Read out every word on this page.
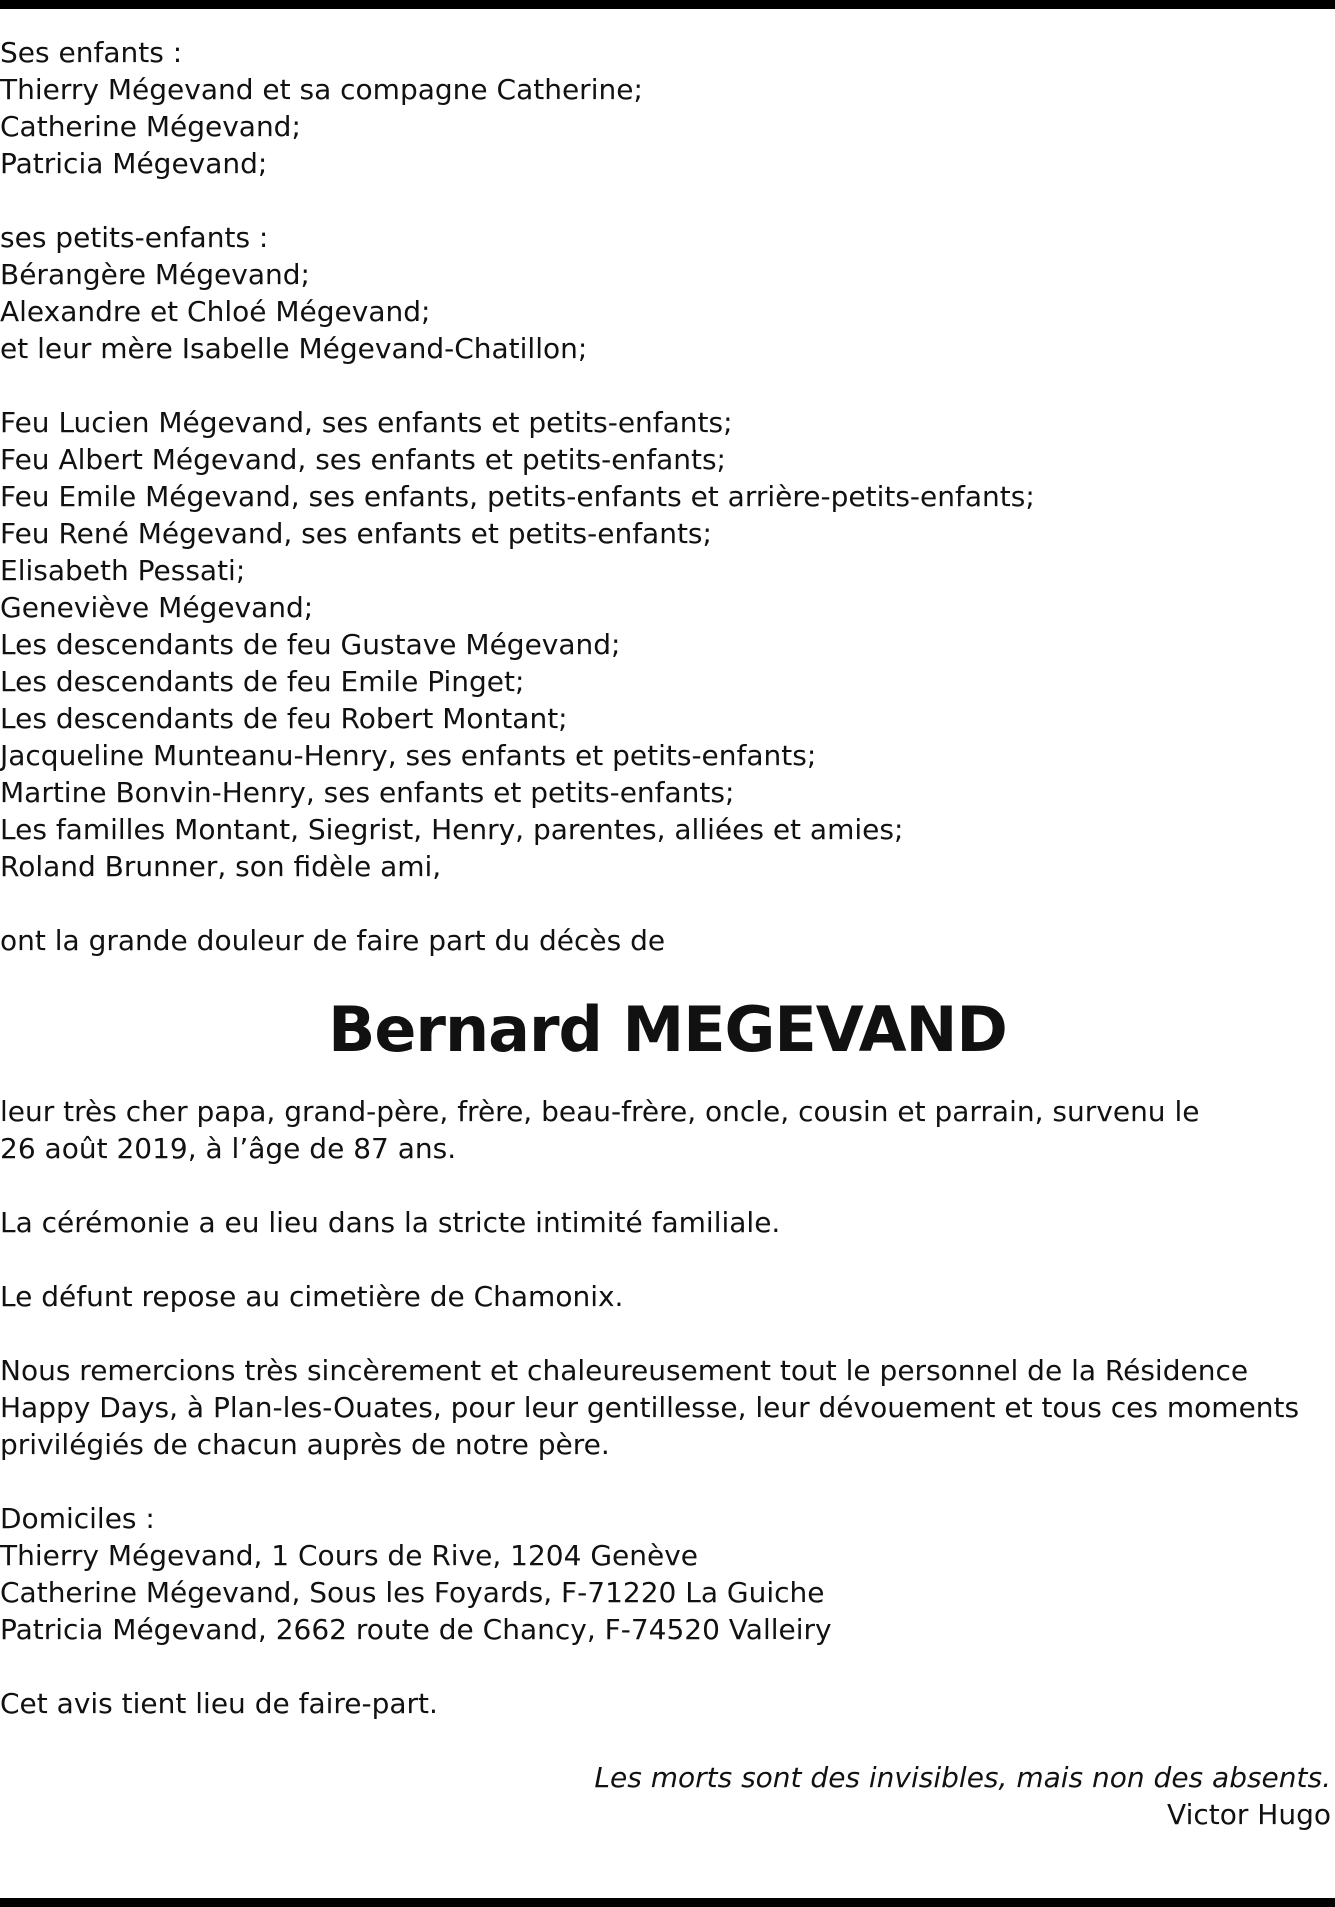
Ses enfants :
Thierry Mégevand et sa compagne Catherine;
Catherine Mégevand;
Patricia Mégevand;
ses petits-enfants :
Bérangère Mégevand;
Alexandre et Chloé Mégevand;
et leur mère Isabelle Mégevand-Chatillon;
Feu Lucien Mégevand, ses enfants et petits-enfants;
Feu Albert Mégevand, ses enfants et petits-enfants;
Feu Emile Mégevand, ses enfants, petits-enfants et arrière-petits-enfants;
Feu René Mégevand, ses enfants et petits-enfants;
Elisabeth Pessati;
Geneviève Mégevand;
Les descendants de feu Gustave Mégevand;
Les descendants de feu Emile Pinget;
Les descendants de feu Robert Montant;
Jacqueline Munteanu-Henry, ses enfants et petits-enfants;
Martine Bonvin-Henry, ses enfants et petits-enfants;
Les familles Montant, Siegrist, Henry, parentes, alliées et amies;
Roland Brunner, son fidèle ami,
ont la grande douleur de faire part du décès de
Bernard MEGEVAND
leur très cher papa, grand-père, frère, beau-frère, oncle, cousin et parrain, survenu le
26 août 2019, à l’âge de 87 ans.
La cérémonie a eu lieu dans la stricte intimité familiale.
Le défunt repose au cimetière de Chamonix.
Nous remercions très sincèrement et chaleureusement tout le personnel de la Résidence
Happy Days, à Plan-les-Ouates, pour leur gentillesse, leur dévouement et tous ces moments
privilégiés de chacun auprès de notre père.
Domiciles :
Thierry Mégevand, 1 Cours de Rive, 1204 Genève
Catherine Mégevand, Sous les Foyards, F-71220 La Guiche
Patricia Mégevand, 2662 route de Chancy, F-74520 Valleiry
Cet avis tient lieu de faire-part.
Les morts sont des invisibles, mais non des absents.
Victor Hugo
